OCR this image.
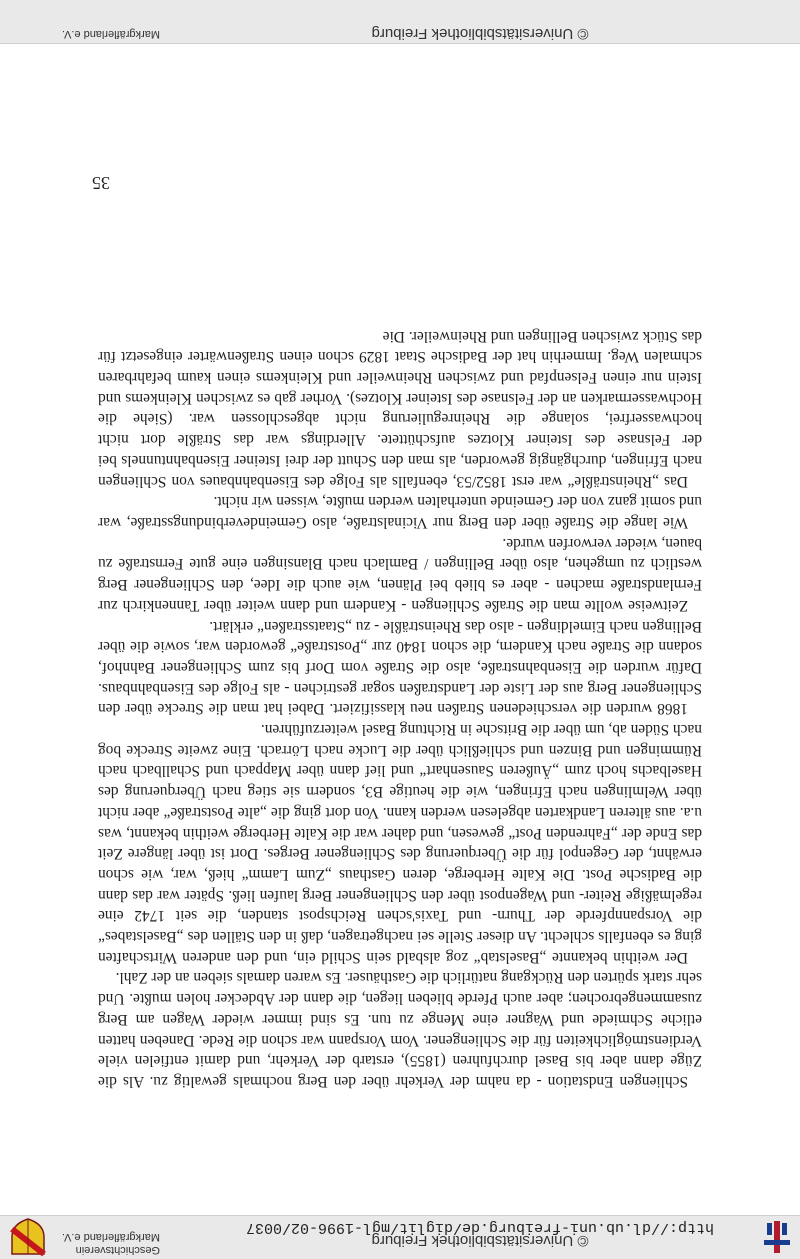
© Universitätsbibliothek Freiburg
http://dl.ub.uni-freiburg.de/diglit/mgl-1996-02/0037
Geschichtsverein
Markgräflerland e.V.

Schliengen Endstation - da nahm der Verkehr über den Berg nochmals gewaltig zu. Als die Züge dann aber bis Basel durchfuhren (1855), erstarb der Verkehr, und damit entfielen viele Verdienstmöglichkeiten für die Schliengener. Vom Vorspann war schon die Rede. Daneben hatten etliche Schmiede und Wagner eine Menge zu tun. Es sind immer wieder Wagen am Berg zusammengebrochen; aber auch Pferde blieben liegen, die dann der Abdecker holen mußte. Und sehr stark spürten den Rückgang natürlich die Gasthäuser. Es waren damals sieben an der Zahl.

Der weithin bekannte „Baselstab“ zog alsbald sein Schild ein, und den anderen Wirtschaften ging es ebenfalls schlecht. An dieser Stelle sei nachgetragen, daß in den Ställen des „Baselstabes“ die Vorspannpferde der Thurn- und Taxis'schen Reichspost standen, die seit 1742 eine regelmäßige Reiter- und Wagenpost über den Schliengener Berg laufen ließ. Später war das dann die Badische Post. Die Kalte Herberge, deren Gasthaus „Zum Lamm“ hieß, war, wie schon erwähnt, der Gegenpol für die Überquerung des Schliengener Berges. Dort ist über längere Zeit das Ende der „Fahrenden Post“ gewesen, und daher war die Kalte Herberge weithin bekannt, was u.a. aus älteren Landkarten abgelesen werden kann. Von dort ging die „alte Poststraße“ aber nicht über Welmlingen nach Efringen, wie die heutige B3, sondern sie stieg nach Überquerung des Haselbachs hoch zum „Äußeren Sausenhart“ und lief dann über Mappach und Schallbach nach Rümmingen und Binzen und schließlich über die Lucke nach Lörrach. Eine zweite Strecke bog nach Süden ab, um über die Britsche in Richtung Basel weiterzuführen.

1868 wurden die verschiedenen Straßen neu klassifiziert. Dabei hat man die Strecke über den Schliengener Berg aus der Liste der Landstraßen sogar gestrichen - als Folge des Eisenbahnbaus. Dafür wurden die Eisenbahnstraße, also die Straße vom Dorf bis zum Schliengener Bahnhof, sodann die Straße nach Kandern, die schon 1840 zur „Poststraße“ geworden war, sowie die über Bellingen nach Eimeldingen - also das Rheinsträßle - zu „Staatsstraßen“ erklärt.

Zeitweise wollte man die Straße Schliengen - Kandern und dann weiter über Tannenkirch zur Fernlandstraße machen - aber es blieb bei Plänen, wie auch die Idee, den Schliengener Berg westlich zu umgehen, also über Bellingen / Bamlach nach Blansingen eine gute Fernstraße zu bauen, wieder verworfen wurde.

Wie lange die Straße über den Berg nur Vicinalstraße, also Gemeindeverbindungsstraße, war und somit ganz von der Gemeinde unterhalten werden mußte, wissen wir nicht.

Das „Rheinsträßle“ war erst 1852/53, ebenfalls als Folge des Eisenbahnbaues von Schliengen nach Efringen, durchgängig geworden, als man den Schutt der drei Isteiner Eisenbahntunnels bei der Felsnase des Isteiner Klotzes aufschüttete. Allerdings war das Sträßle dort nicht hochwasserfrei, solange die Rheinregulierung nicht abgeschlossen war. (Siehe die Hochwassermarken an der Felsnase des Isteiner Klotzes). Vorher gab es zwischen Kleinkems und Istein nur einen Felsenpfad und zwischen Rheinweiler und Kleinkems einen kaum befahrbaren schmalen Weg. Immerhin hat der Badische Staat 1829 schon einen Straßenwärter eingesetzt für das Stück zwischen Bellingen und Rheinweiler. Die

35
© Universitätsbibliothek Freiburg
Markgräflerland e.V.
